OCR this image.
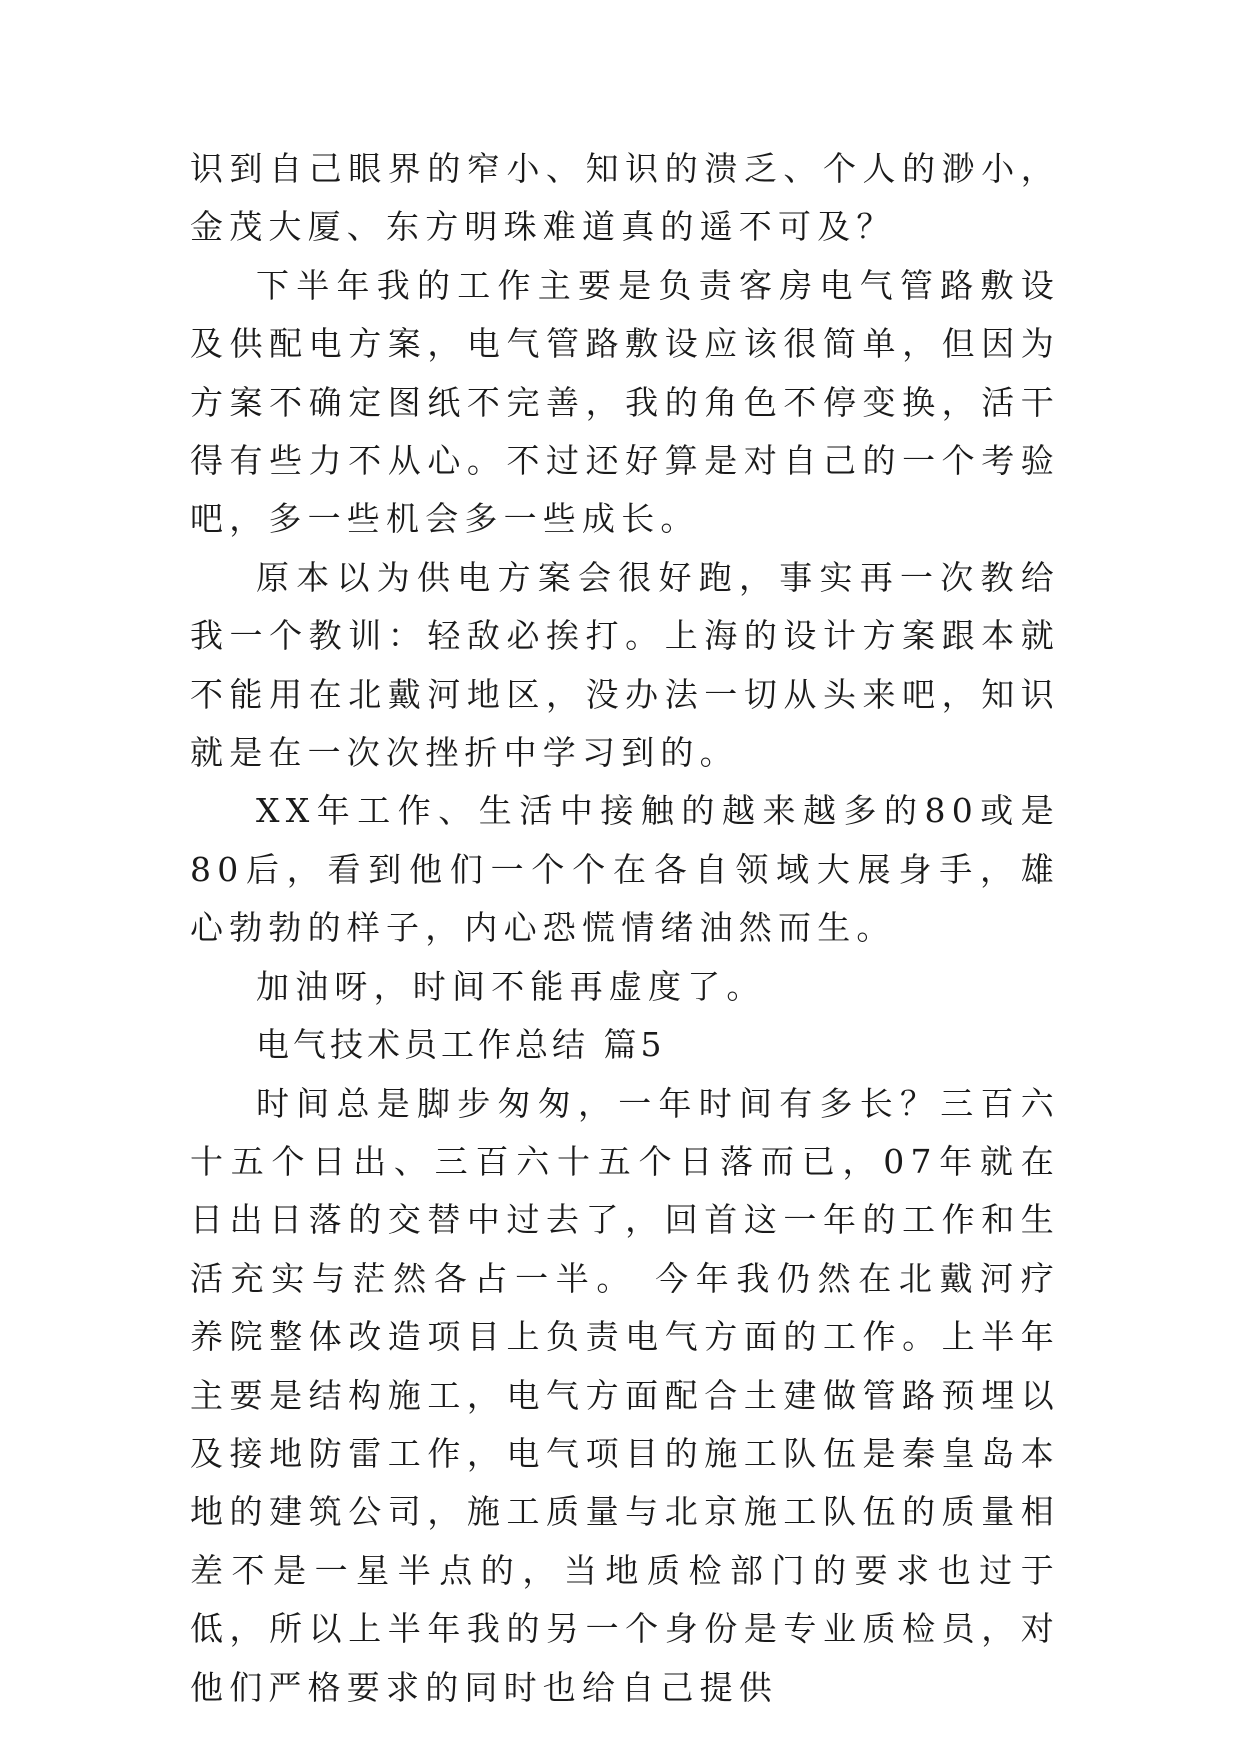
识到自己眼界的窄小、知识的溃乏、个人的渺小，金茂大厦、东方明珠难道真的遥不可及？

下半年我的工作主要是负责客房电气管路敷设及供配电方案，电气管路敷设应该很简单，但因为方案不确定图纸不完善，我的角色不停变换，活干得有些力不从心。不过还好算是对自己的一个考验吧，多一些机会多一些成长。

原本以为供电方案会很好跑，事实再一次教给我一个教训：轻敌必挨打。上海的设计方案跟本就不能用在北戴河地区，没办法一切从头来吧，知识就是在一次次挫折中学习到的。

XX年工作、生活中接触的越来越多的80或是80后，看到他们一个个在各自领域大展身手，雄心勃勃的样子，内心恐慌情绪油然而生。

加油呀，时间不能再虚度了。

电气技术员工作总结 篇5

时间总是脚步匆匆，一年时间有多长？三百六十五个日出、三百六十五个日落而已，07年就在日出日落的交替中过去了，回首这一年的工作和生活充实与茫然各占一半。 今年我仍然在北戴河疗养院整体改造项目上负责电气方面的工作。上半年主要是结构施工，电气方面配合土建做管路预埋以及接地防雷工作，电气项目的施工队伍是秦皇岛本地的建筑公司，施工质量与北京施工队伍的质量相差不是一星半点的，当地质检部门的要求也过于低，所以上半年我的另一个身份是专业质检员，对他们严格要求的同时也给自己提供
